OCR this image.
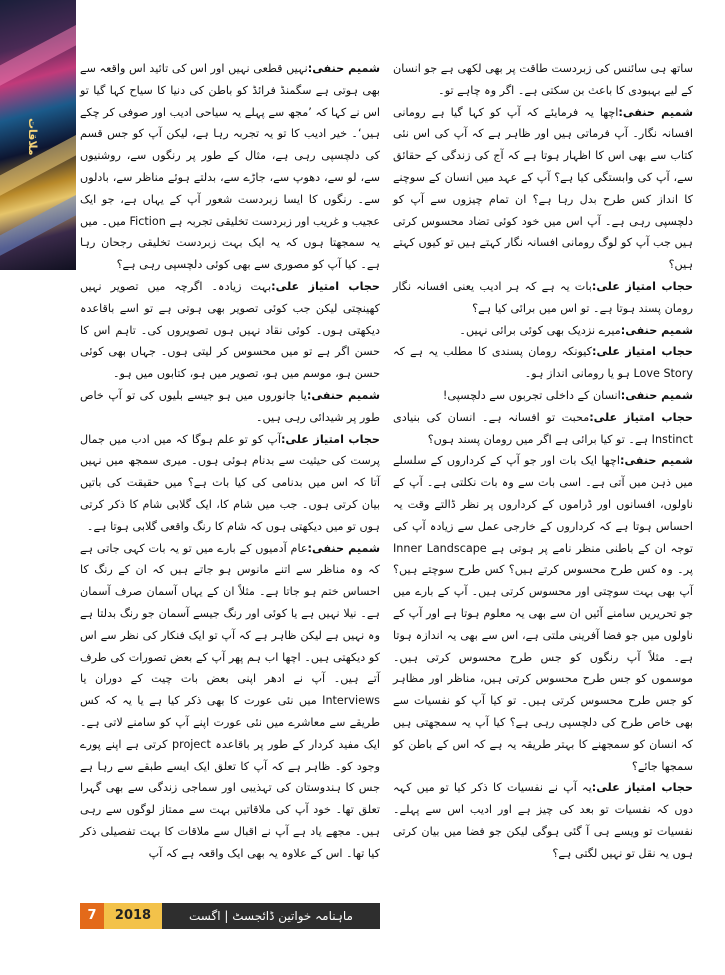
ملاقات

ساتھ ہی سائنس کی زبردست طاقت پر بھی لکھی ہے جو انسان کے لیے بہبودی کا باعث بن سکتی ہے۔ اگر وہ چاہے تو۔

شمیم حنفی:اچھا یہ فرمایئے کہ آپ کو کہا گیا ہے رومانی افسانہ نگار۔ آپ فرماتی ہیں اور ظاہر ہے کہ آپ کی اس نئی کتاب سے بھی اس کا اظہار ہوتا ہے کہ آج کی زندگی کے حقائق سے، آپ کی وابستگی کیا ہے؟ آپ کے عہد میں انسان کے سوچنے کا انداز کس طرح بدل رہا ہے؟ ان تمام چیزوں سے آپ کو دلچسپی رہی ہے۔ آپ اس میں خود کوئی تضاد محسوس کرتی ہیں جب آپ کو لوگ رومانی افسانہ نگار کہتے ہیں تو کیوں کہتے ہیں؟

حجاب امتیاز علی:بات یہ ہے کہ ہر ادیب یعنی افسانہ نگار رومان پسند ہوتا ہے۔ تو اس میں برائی کیا ہے؟

شمیم حنفی:میرے نزدیک بھی کوئی برائی نہیں۔

حجاب امتیاز علی:کیونکہ رومان پسندی کا مطلب یہ ہے کہ Love Story ہو یا رومانی انداز ہو۔

شمیم حنفی:انسان کے داخلی تجربوں سے دلچسپی!

حجاب امتیاز علی:محبت تو افسانہ ہے۔ انسان کی بنیادی Instinct ہے۔ تو کیا برائی ہے اگر میں رومان پسند ہوں؟

شمیم حنفی:اچھا ایک بات اور جو آپ کے کرداروں کے سلسلے میں ذہن میں آتی ہے۔ اسی بات سے وہ بات نکلتی ہے۔ آپ کے ناولوں، افسانوں اور ڈراموں کے کرداروں پر نظر ڈالتے وقت یہ احساس ہوتا ہے کہ کرداروں کے خارجی عمل سے زیادہ آپ کی توجہ ان کے باطنی منظر نامے پر ہوتی ہے Inner Landscape پر۔ وہ کس طرح محسوس کرتے ہیں؟ کس طرح سوچتے ہیں؟ آپ بھی بہت سوچتی اور محسوس کرتی ہیں۔ آپ کے بارے میں جو تحریریں سامنے آئیں ان سے بھی یہ معلوم ہوتا ہے اور آپ کے ناولوں میں جو فضا آفرینی ملتی ہے، اس سے بھی یہ اندازہ ہوتا ہے۔ مثلاً آپ رنگوں کو جس طرح محسوس کرتی ہیں۔ موسموں کو جس طرح محسوس کرتی ہیں، مناظر اور مظاہر کو جس طرح محسوس کرتی ہیں۔ تو کیا آپ کو نفسیات سے بھی خاص طرح کی دلچسپی رہی ہے؟ کیا آپ یہ سمجھتی ہیں کہ انسان کو سمجھنے کا بہتر طریقہ یہ ہے کہ اس کے باطن کو سمجھا جائے؟

حجاب امتیاز علی:یہ آپ نے نفسیات کا ذکر کیا تو میں کہہ دوں کہ نفسیات تو بعد کی چیز ہے اور ادیب اس سے پہلے۔ نفسیات تو ویسے ہی آ گئی ہوگی لیکن جو فضا میں بیان کرتی ہوں یہ نقل تو نہیں لگتی ہے؟

شمیم حنفی:نہیں قطعی نہیں اور اس کی تائید اس واقعہ سے بھی ہوتی ہے سگمنڈ فرائڈ کو باطن کی دنیا کا سیاح کہا گیا تو اس نے کہا کہ ’مجھ سے پہلے یہ سیاحی ادیب اور صوفی کر چکے ہیں‘۔ خیر ادیب کا تو یہ تجربہ رہا ہے، لیکن آپ کو جس قسم کی دلچسپی رہی ہے، مثال کے طور پر رنگوں سے، روشنیوں سے، لو سے، دھوپ سے، جاڑے سے، بدلتے ہوئے مناظر سے، بادلوں سے۔ رنگوں کا ایسا زبردست شعور آپ کے یہاں ہے، جو ایک عجیب و غریب اور زبردست تخلیقی تجربہ ہے Fiction میں۔ میں یہ سمجھتا ہوں کہ یہ ایک بہت زبردست تخلیقی رجحان رہا ہے۔ کیا آپ کو مصوری سے بھی کوئی دلچسپی رہی ہے؟

حجاب امتیاز علی:بہت زیادہ۔ اگرچہ میں تصویر نہیں کھینچتی لیکن جب کوئی تصویر بھی ہوتی ہے تو اسے باقاعدہ دیکھتی ہوں۔ کوئی نقاد نہیں ہوں تصویروں کی۔ تاہم اس کا حسن اگر ہے تو میں محسوس کر لیتی ہوں۔ جہاں بھی کوئی حسن ہو، موسم میں ہو، تصویر میں ہو، کتابوں میں ہو۔

شمیم حنفی:یا جانوروں میں ہو جیسے بلیوں کی تو آپ خاص طور پر شیدائی رہی ہیں۔

حجاب امتیاز علی:آپ کو تو علم ہوگا کہ میں ادب میں جمال پرست کی حیثیت سے بدنام ہوئی ہوں۔ میری سمجھ میں نہیں آتا کہ اس میں بدنامی کی کیا بات ہے؟ میں حقیقت کی باتیں بیان کرتی ہوں۔ جب میں شام کا، ایک گلابی شام کا ذکر کرتی ہوں تو میں دیکھتی ہوں کہ شام کا رنگ واقعی گلابی ہوتا ہے۔

شمیم حنفی:عام آدمیوں کے بارے میں تو یہ بات کہی جاتی ہے کہ وہ مناظر سے اتنے مانوس ہو جاتے ہیں کہ ان کے رنگ کا احساس ختم ہو جاتا ہے۔ مثلاً ان کے یہاں آسمان صرف آسمان ہے۔ نیلا نہیں ہے یا کوئی اور رنگ جیسے آسمان جو رنگ بدلتا ہے وہ نہیں ہے لیکن ظاہر ہے کہ آپ تو ایک فنکار کی نظر سے اس کو دیکھتی ہیں۔ اچھا اب ہم پھر آپ کے بعض تصورات کی طرف آتے ہیں۔ آپ نے ادھر اپنی بعض بات چیت کے دوران یا Interviews میں نئی عورت کا بھی ذکر کیا ہے یا یہ کہ کس طریقے سے معاشرے میں نئی عورت اپنے آپ کو سامنے لاتی ہے۔ ایک مفید کردار کے طور پر باقاعدہ project کرتی ہے اپنے پورے وجود کو۔ ظاہر ہے کہ آپ کا تعلق ایک ایسے طبقے سے رہا ہے جس کا ہندوستان کی تہذیبی اور سماجی زندگی سے بھی گہرا تعلق تھا۔ خود آپ کی ملاقاتیں بہت سے ممتاز لوگوں سے رہی ہیں۔ مجھے یاد ہے آپ نے اقبال سے ملاقات کا بہت تفصیلی ذکر کیا تھا۔ اس کے علاوہ یہ بھی ایک واقعہ ہے کہ آپ

7	2018	ماہنامہ خواتین ڈائجسٹ | اگست
